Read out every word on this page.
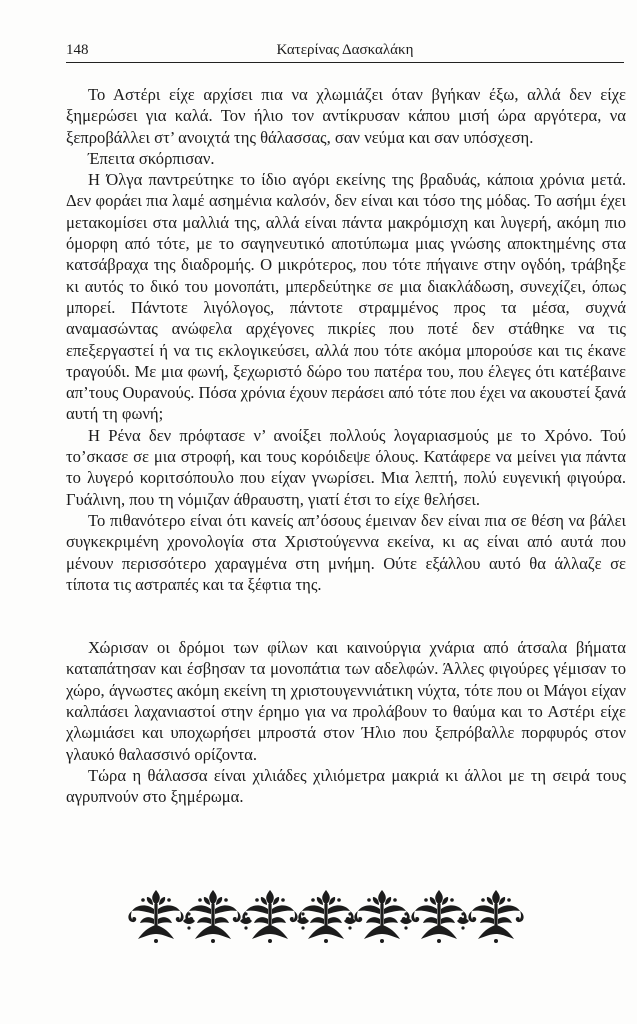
148	Κατερίνας Δασκαλάκη

Το Αστέρι είχε αρχίσει πια να χλωμιάζει όταν βγήκαν έξω, αλλά δεν είχε ξημερώσει για καλά. Τον ήλιο τον αντίκρυσαν κάπου μισή ώρα αργότερα, να ξεπροβάλλει στ’ ανοιχτά της θάλασσας, σαν νεύμα και σαν υπόσχεση.

Έπειτα σκόρπισαν.

Η Όλγα παντρεύτηκε το ίδιο αγόρι εκείνης της βραδυάς, κάποια χρόνια μετά. Δεν φοράει πια λαμέ ασημένια καλσόν, δεν είναι και τόσο της μόδας. Το ασήμι έχει μετακομίσει στα μαλλιά της, αλλά είναι πάντα μακρόμισχη και λυγερή, ακόμη πιο όμορφη από τότε, με το σαγηνευτικό αποτύπωμα μιας γνώσης αποκτημένης στα κατσάβραχα της διαδρομής. Ο μικρότερος, που τότε πήγαινε στην ογδόη, τράβηξε κι αυτός το δικό του μονοπάτι, μπερδεύτηκε σε μια διακλάδωση, συνεχίζει, όπως μπορεί. Πάντοτε λιγόλογος, πάντοτε στραμμένος προς τα μέσα, συχνά αναμασώντας ανώφελα αρχέγονες πικρίες που ποτέ δεν στάθηκε να τις επεξεργαστεί ή να τις εκλογικεύσει, αλλά που τότε ακόμα μπορούσε και τις έκανε τραγούδι. Με μια φωνή, ξεχωριστό δώρο του πατέρα του, που έλεγες ότι κατέβαινε απ’τους Ουρανούς. Πόσα χρόνια έχουν περάσει από τότε που έχει να ακουστεί ξανά αυτή τη φωνή;

Η Ρένα δεν πρόφτασε ν’ ανοίξει πολλούς λογαριασμούς με το Χρόνο. Τού το’σκασε σε μια στροφή, και τους κορόιδεψε όλους. Κατάφερε να μείνει για πάντα το λυγερό κοριτσόπουλο που είχαν γνωρίσει. Μια λεπτή, πολύ ευγενική φιγούρα. Γυάλινη, που τη νόμιζαν άθραυστη, γιατί έτσι το είχε θελήσει.

Το πιθανότερο είναι ότι κανείς απ’όσους έμειναν δεν είναι πια σε θέση να βάλει συγκεκριμένη χρονολογία στα Χριστούγεννα εκείνα, κι ας είναι από αυτά που μένουν περισσότερο χαραγμένα στη μνήμη. Ούτε εξάλλου αυτό θα άλλαζε σε τίποτα τις αστραπές και τα ξέφτια της.

Χώρισαν οι δρόμοι των φίλων και καινούργια χνάρια από άτσαλα βήματα καταπάτησαν και έσβησαν τα μονοπάτια των αδελφών. Άλλες φιγούρες γέμισαν το χώρο, άγνωστες ακόμη εκείνη τη χριστουγεννιάτικη νύχτα, τότε που οι Μάγοι είχαν καλπάσει λαχανιαστοί στην έρημο για να προλάβουν το θαύμα και το Αστέρι είχε χλωμιάσει και υποχωρήσει μπροστά στον Ήλιο που ξεπρόβαλλε πορφυρός στον γλαυκό θαλασσινό ορίζοντα.

Τώρα η θάλασσα είναι χιλιάδες χιλιόμετρα μακριά κι άλλοι με τη σειρά τους αγρυπνούν στο ξημέρωμα.
